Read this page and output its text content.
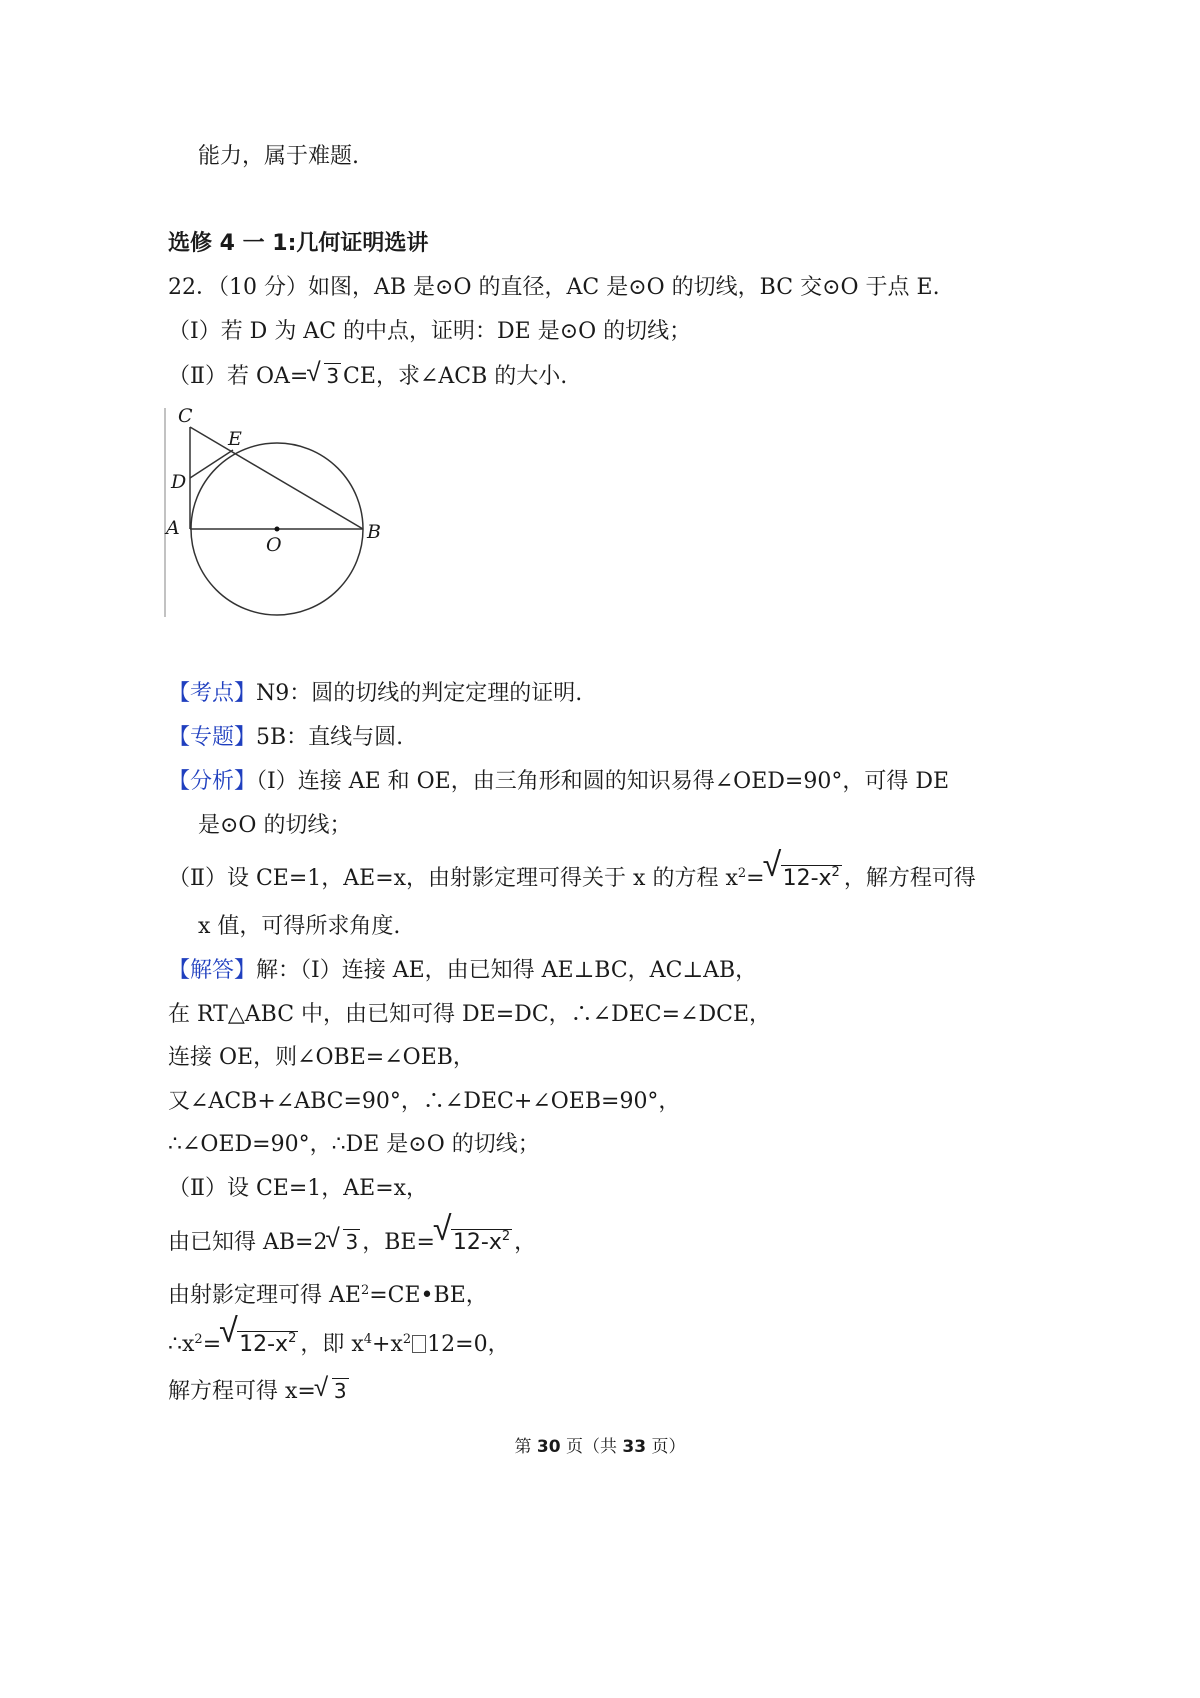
能力，属于难题.
选修 4 一 1:几何证明选讲
22．（10 分）如图，AB 是⊙O 的直径，AC 是⊙O 的切线，BC 交⊙O 于点 E.
（Ⅰ）若 D 为 AC 的中点，证明：DE 是⊙O 的切线；
（Ⅱ）若 OA=√ 3 CE，求∠ACB 的大小.
C
E
D
A
O
B
【考点】N9：圆的切线的判定定理的证明.
【专题】5B：直线与圆.
【分析】（Ⅰ）连接 AE 和 OE，由三角形和圆的知识易得∠OED=90°，可得 DE
是⊙O 的切线；
（Ⅱ）设 CE=1，AE=x，由射影定理可得关于 x 的方程 $x^2=√$ $12-x^2$ ，解方程可得
x 值，可得所求角度.
【解答】解：（Ⅰ）连接 AE，由已知得 AE⊥BC，AC⊥AB，
在 RT△ABC 中，由已知可得 DE=DC，∴∠DEC=∠DCE，
连接 OE，则∠OBE=∠OEB，
又∠ACB+∠ABC=90°，∴∠DEC+∠OEB=90°，
∴∠OED=90°，∴DE 是⊙O 的切线；
（Ⅱ）设 CE=1，AE=x，
由已知得 AB=2√ 3 ，BE=√ $12-x^2$ ，
由射影定理可得 $AE^2=CE•BE$，
$\therefore x^2=√$ $12-x^2$ ，即 $x^4+x^2$ 12=0，
解方程可得 x=√ 3
第 30 页（共 33 页）
